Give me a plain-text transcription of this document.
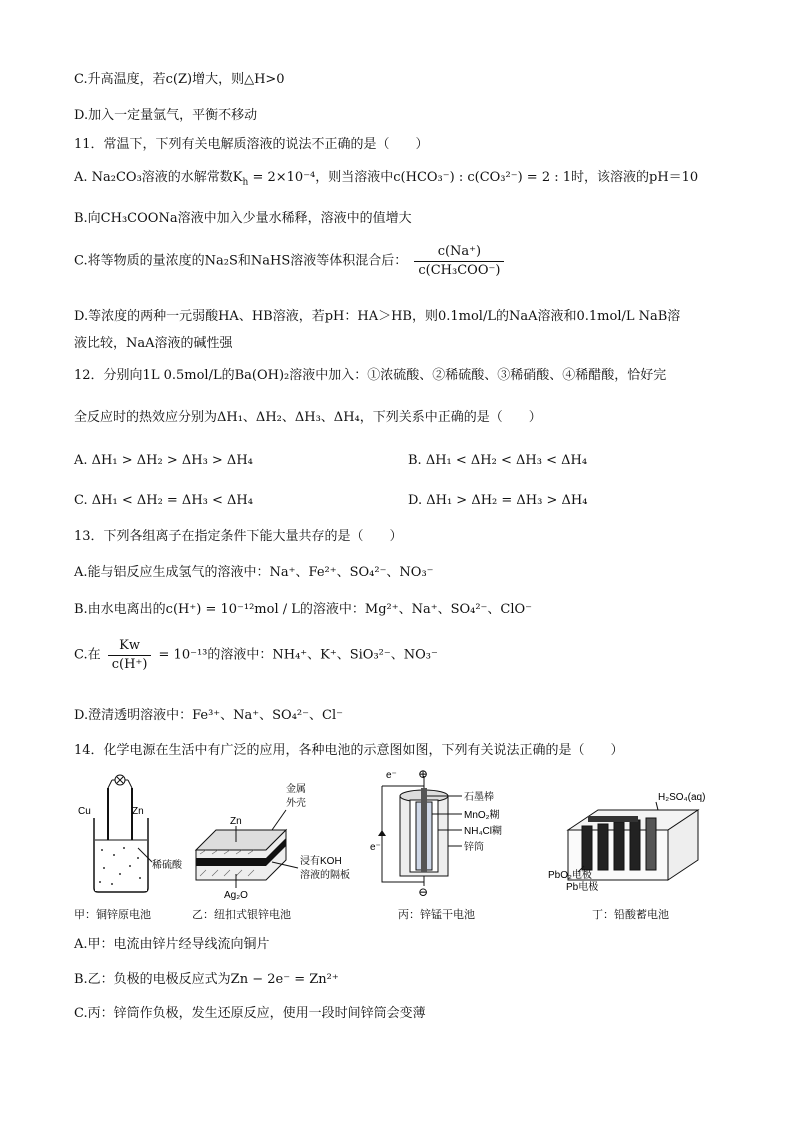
C.升高温度，若c(Z)增大，则△H>0
D.加入一定量氩气，平衡不移动
11．常温下，下列有关电解质溶液的说法不正确的是（　　）
A. Na₂CO₃溶液的水解常数$K_h = 2\times 10^{-4}$，则当溶液中c(HCO₃⁻) : c(CO₃²⁻) = 2 : 1时，该溶液的pH＝10
B.向CH₃COONa溶液中加入少量水稀释，溶液中的值增大
C.将等物质的量浓度的Na₂S和NaHS溶液等体积混合后： $\frac{c(Na^+)}{\text{c(CH₃COO⁻)}}$
D.等浓度的两种一元弱酸HA、HB溶液，若pH：HA＞HB，则0.1mol/L的NaA溶液和0.1mol/L NaB溶
液比较，NaA溶液的碱性强
12．分别向1L 0.5mol/L的Ba(OH)₂溶液中加入：①浓硫酸、②稀硫酸、③稀硝酸、④稀醋酸，恰好完
全反应时的热效应分别为ΔH₁、ΔH₂、ΔH₃、ΔH₄，下列关系中正确的是（　　）
A. ΔH₁ > ΔH₂ > ΔH₃ > ΔH₄	B. ΔH₁ < ΔH₂ < ΔH₃ < ΔH₄
C. ΔH₁ < ΔH₂ = ΔH₃ < ΔH₄	D. ΔH₁ > ΔH₂ = ΔH₃ > ΔH₄
13．下列各组离子在指定条件下能大量共存的是（　　）
A.能与铝反应生成氢气的溶液中：Na⁺、Fe²⁺、SO₄²⁻、NO₃⁻
B.由水电离出的c(H⁺) = 10⁻¹²mol / L的溶液中：Mg²⁺、Na⁺、SO₄²⁻、ClO⁻
C.在 $\frac{Kw}{c(H^+)} = 10^{-13}$的溶液中：NH₄⁺、K⁺、SiO₃²⁻、NO₃⁻
D.澄清透明溶液中：Fe³⁺、Na⁺、SO₄²⁻、Cl⁻
14．化学电源在生活中有广泛的应用，各种电池的示意图如图，下列有关说法正确的是（　　）
Cu	Zn
稀硫酸
Zn
金属
外壳
浸有KOH
溶液的隔板
Ag₂O
⊕
⊖
e⁻
e⁻
石墨棒
MnO₂糊
NH₄Cl糊
锌筒
H₂SO₄(aq)
PbO₂电极
Pb电极
甲：铜锌原电池	乙：纽扣式银锌电池	丙：锌锰干电池	丁：铅酸蓄电池
A.甲：电流由锌片经导线流向铜片
B.乙：负极的电极反应式为Zn − 2e⁻ = Zn²⁺
C.丙：锌筒作负极，发生还原反应，使用一段时间锌筒会变薄
